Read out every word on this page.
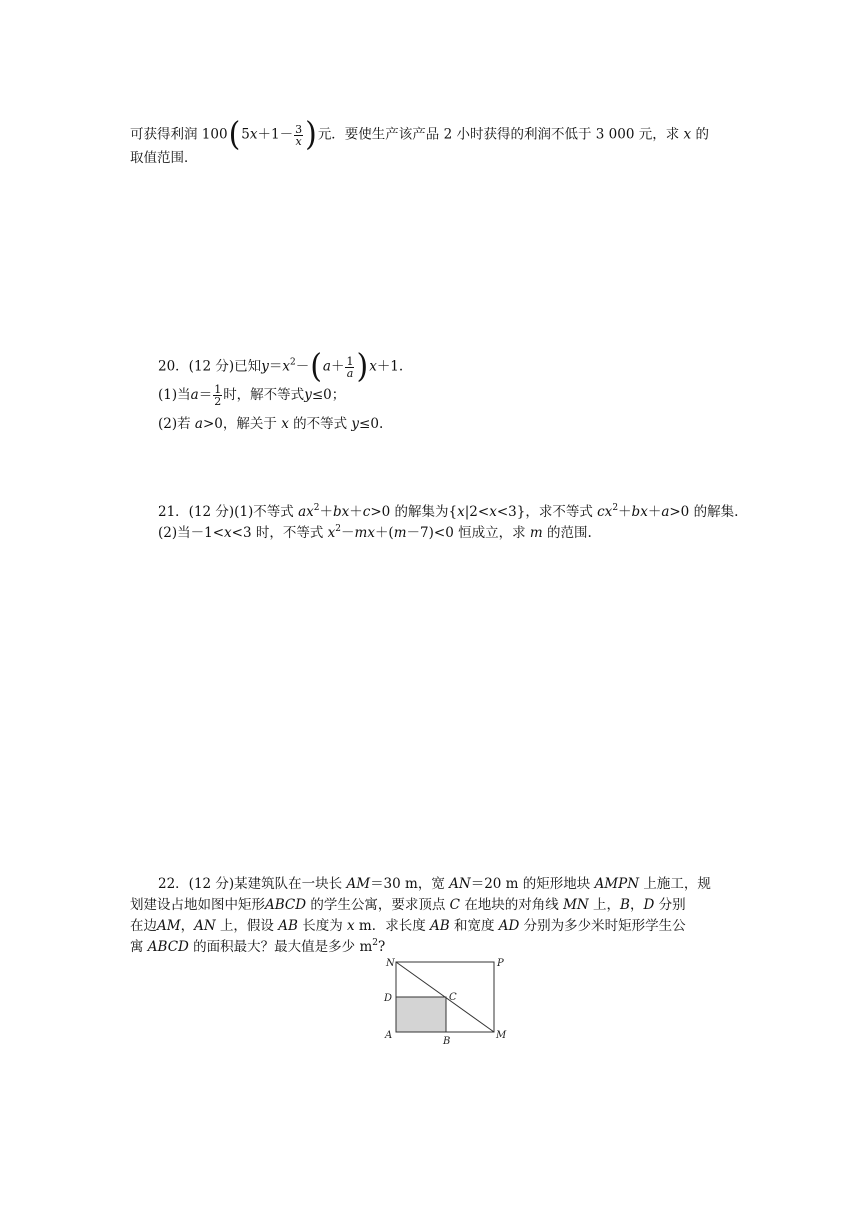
可获得利润 $100(5x+1- \frac{3}{x}$ )元．要使生产该产品 2 小时获得的利润不低于 3 000 元，求 x 的
取值范围．
20．(12 分)已知$y=x^2-(a+ \frac{1}{a} )x+1$.
(1)当$a= \frac{1}{2}$ 时，解不等式y≤0；
(2)若 a>0，解关于 x 的不等式 y≤0.
21．(12 分)(1)不等式 $ax^2+bx+c>0$ 的解集为{x|2<x<3}，求不等式 $cx^2+bx+a>0$ 的解集.
(2)当－1<x<3 时，不等式 $x^2-mx+(m-7)<0$ 恒成立，求 m 的范围.
22．(12 分)某建筑队在一块长 AM＝30 m，宽 AN＝20 m 的矩形地块 AMPN 上施工，规
划建设占地如图中矩形ABCD 的学生公寓，要求顶点 C 在地块的对角线 MN 上，B，D 分别
在边AM，AN 上，假设 AB 长度为 x m．求长度 AB 和宽度 AD 分别为多少米时矩形学生公
寓 ABCD 的面积最大？最大值是多少 $m^2$?
N	P
D	C
A
B
M
